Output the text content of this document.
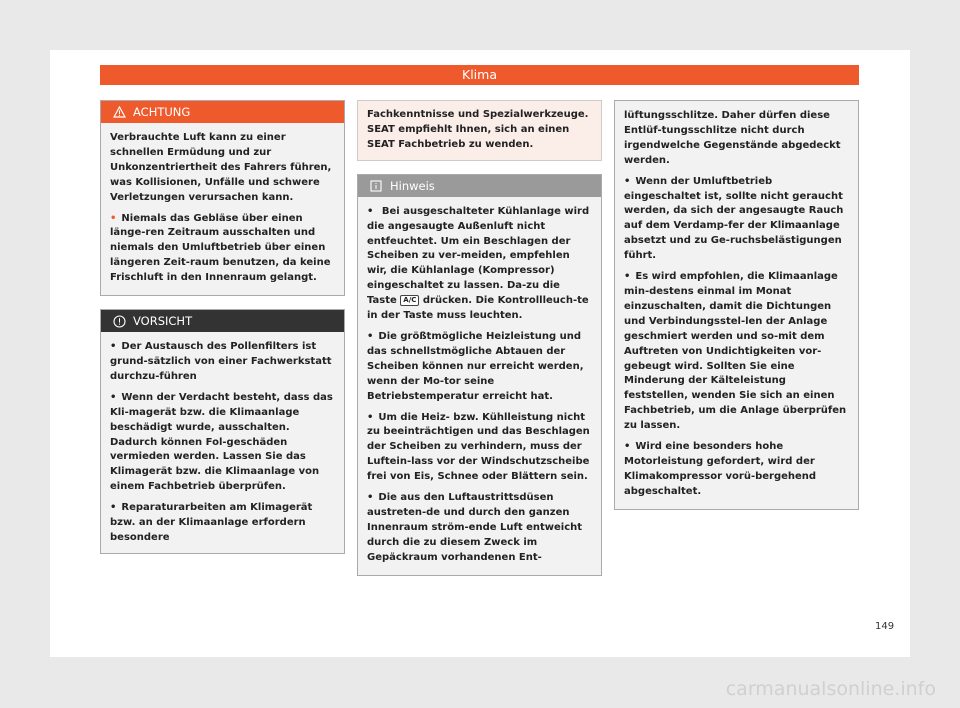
Klima
ACHTUNG

Verbrauchte Luft kann zu einer schnellen Ermüdung und zur Unkonzentriertheit des Fahrers führen, was Kollisionen, Unfälle und schwere Verletzungen verursachen kann.

• Niemals das Gebläse über einen länge-ren Zeitraum ausschalten und niemals den Umluftbetrieb über einen längeren Zeit-raum benutzen, da keine Frischluft in den Innenraum gelangt.

VORSICHT

• Der Austausch des Pollenfilters ist grund-sätzlich von einer Fachwerkstatt durchzu-führen

• Wenn der Verdacht besteht, dass das Kli-magerät bzw. die Klimaanlage beschädigt wurde, ausschalten. Dadurch können Fol-geschäden vermieden werden. Lassen Sie das Klimagerät bzw. die Klimaanlage von einem Fachbetrieb überprüfen.

• Reparaturarbeiten am Klimagerät bzw. an der Klimaanlage erfordern besondere

Fachkenntnisse und Spezialwerkzeuge. SEAT empfiehlt Ihnen, sich an einen SEAT Fachbetrieb zu wenden.

Hinweis

• Bei ausgeschalteter Kühlanlage wird die angesaugte Außenluft nicht entfeuchtet. Um ein Beschlagen der Scheiben zu ver-meiden, empfehlen wir, die Kühlanlage (Kompressor) eingeschaltet zu lassen. Da-zu die Taste A/C drücken. Die Kontrollleuch-te in der Taste muss leuchten.

• Die größtmögliche Heizleistung und das schnellstmögliche Abtauen der Scheiben können nur erreicht werden, wenn der Mo-tor seine Betriebstemperatur erreicht hat.

• Um die Heiz- bzw. Kühlleistung nicht zu beeinträchtigen und das Beschlagen der Scheiben zu verhindern, muss der Luftein-lass vor der Windschutzscheibe frei von Eis, Schnee oder Blättern sein.

• Die aus den Luftaustrittsdüsen austreten-de und durch den ganzen Innenraum ström-ende Luft entweicht durch die zu diesem Zweck im Gepäckraum vorhandenen Ent-

lüftungsschlitze. Daher dürfen diese Entlüf-tungsschlitze nicht durch irgendwelche Gegenstände abgedeckt werden.

• Wenn der Umluftbetrieb eingeschaltet ist, sollte nicht geraucht werden, da sich der angesaugte Rauch auf dem Verdamp-fer der Klimaanlage absetzt und zu Ge-ruchsbelästigungen führt.

• Es wird empfohlen, die Klimaanlage min-destens einmal im Monat einzuschalten, damit die Dichtungen und Verbindungsstel-len der Anlage geschmiert werden und so-mit dem Auftreten von Undichtigkeiten vor-gebeugt wird. Sollten Sie eine Minderung der Kälteleistung feststellen, wenden Sie sich an einen Fachbetrieb, um die Anlage überprüfen zu lassen.

• Wird eine besonders hohe Motorleistung gefordert, wird der Klimakompressor vorü-bergehend abgeschaltet.

149
carmanualsonline.info
